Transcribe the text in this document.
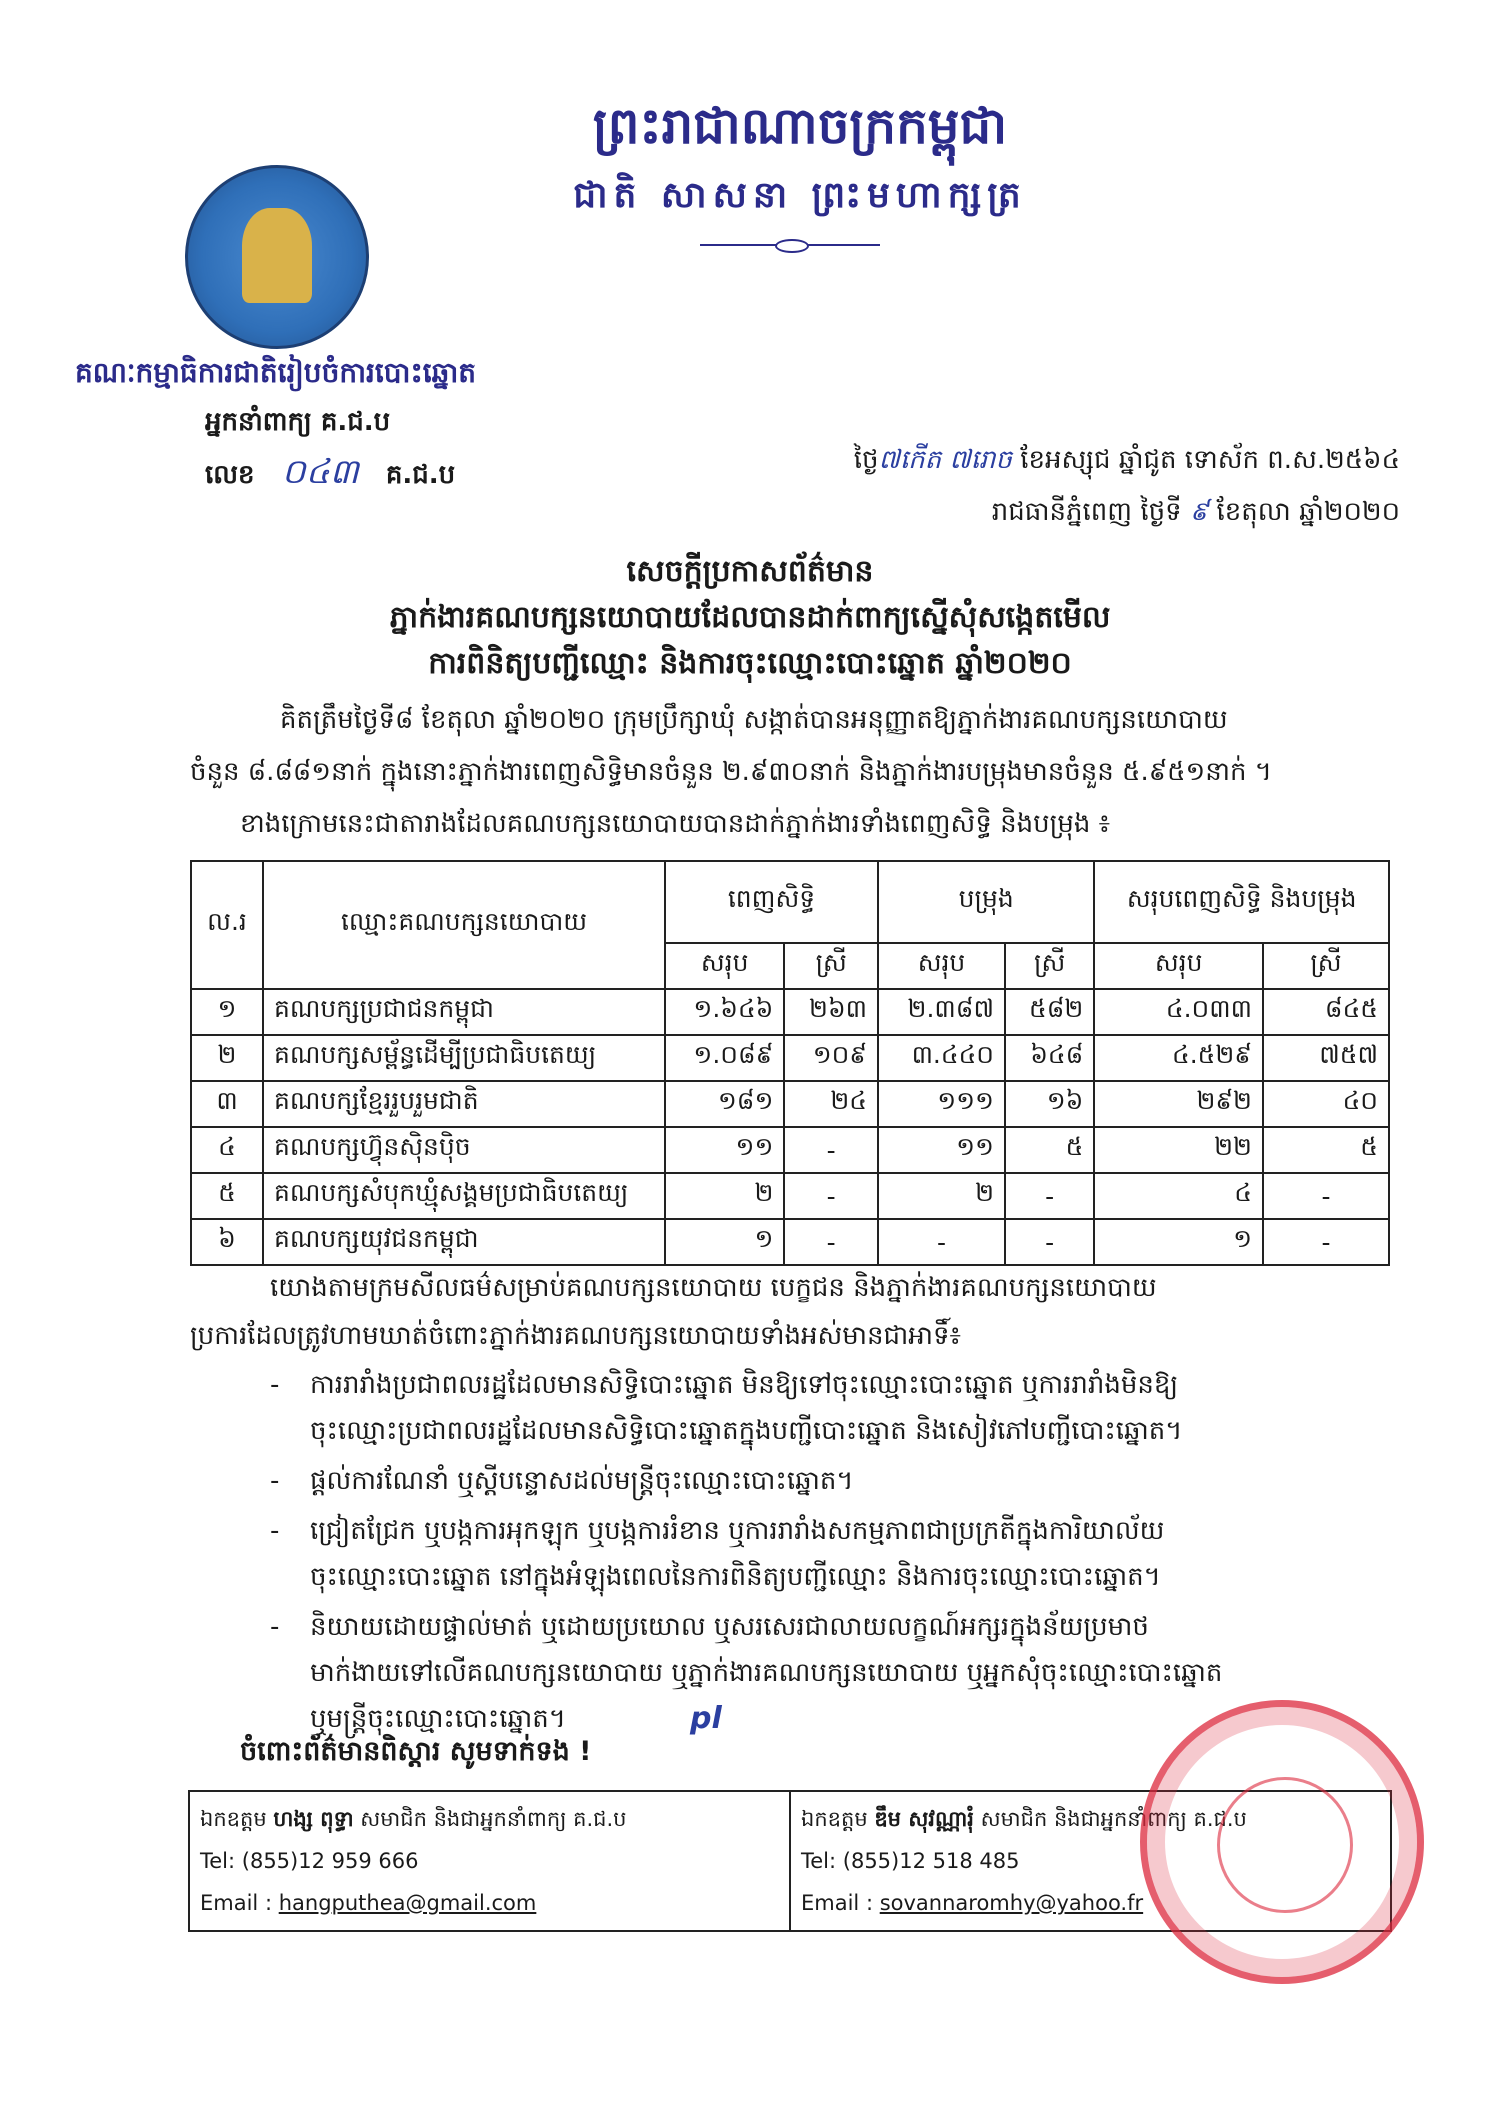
ព្រះរាជាណាចក្រកម្ពុជា
ជាតិ សាសនា ព្រះមហាក្សត្រ
គណៈកម្មាធិការជាតិរៀបចំការបោះឆ្នោត
អ្នកនាំពាក្យ គ.ជ.ប
លេខ ០៤៣ គ.ជ.ប	ថ្ងៃ៧កើត ៧រោច ខែអស្សុជ ឆ្នាំជូត ទោស័ក ព.ស.២៥៦៤
រាជធានីភ្នំពេញ ថ្ងៃទី ៩ ខែតុលា ឆ្នាំ២០២០
សេចក្តីប្រកាសព័ត៌មាន
ភ្នាក់ងារគណបក្សនយោបាយដែលបានដាក់ពាក្យស្នើសុំសង្កេតមើល
ការពិនិត្យបញ្ជីឈ្មោះ និងការចុះឈ្មោះបោះឆ្នោត ឆ្នាំ២០២០
គិតត្រឹមថ្ងៃទី៨ ខែតុលា ឆ្នាំ២០២០ ក្រុមប្រឹក្សាឃុំ សង្កាត់បានអនុញ្ញាតឱ្យភ្នាក់ងារគណបក្សនយោបាយ
ចំនួន ៨.៨៨១នាក់ ក្នុងនោះភ្នាក់ងារពេញសិទ្ធិមានចំនួន ២.៩៣០នាក់ និងភ្នាក់ងារបម្រុងមានចំនួន ៥.៩៥១នាក់ ។
ខាងក្រោមនេះជាតារាងដែលគណបក្សនយោបាយបានដាក់ភ្នាក់ងារទាំងពេញសិទ្ធិ និងបម្រុង ៖
ល.រ	ឈ្មោះគណបក្សនយោបាយ	ពេញសិទ្ធិ		បម្រុង		សរុបពេញសិទ្ធិ និងបម្រុង	
		សរុប	ស្រី	សរុប	ស្រី	សរុប	ស្រី
១	គណបក្សប្រជាជនកម្ពុជា	១.៦៤៦	២៦៣	២.៣៨៧	៥៨២	៤.០៣៣	៨៤៥
២	គណបក្សសម្ព័ន្ធដើម្បីប្រជាធិបតេយ្យ	១.០៨៩	១០៩	៣.៤៤០	៦៤៨	៤.៥២៩	៧៥៧
៣	គណបក្សខ្មែររួបរួមជាតិ	១៨១	២៤	១១១	១៦	២៩២	៤០
៤	គណបក្សហ៊្វុនស៊ិនប៉ិច	១១	-	១១	៥	២២	៥
៥	គណបក្សសំបុកឃ្មុំសង្គមប្រជាធិបតេយ្យ	២	-	២	-	៤	-
៦	គណបក្សយុវជនកម្ពុជា	១	-	-	-	១	-
យោងតាមក្រមសីលធម៌សម្រាប់គណបក្សនយោបាយ បេក្ខជន និងភ្នាក់ងារគណបក្សនយោបាយ
ប្រការដែលត្រូវហាមឃាត់ចំពោះភ្នាក់ងារគណបក្សនយោបាយទាំងអស់មានជាអាទិ៍៖
- ការរារាំងប្រជាពលរដ្ឋដែលមានសិទ្ធិបោះឆ្នោត មិនឱ្យទៅចុះឈ្មោះបោះឆ្នោត ឬការរារាំងមិនឱ្យ
ចុះឈ្មោះប្រជាពលរដ្ឋដែលមានសិទ្ធិបោះឆ្នោតក្នុងបញ្ជីបោះឆ្នោត និងសៀវភៅបញ្ជីបោះឆ្នោត។
- ផ្តល់ការណែនាំ ឬស្តីបន្ទោសដល់មន្ត្រីចុះឈ្មោះបោះឆ្នោត។
- ជ្រៀតជ្រែក ឬបង្កការអុកឡុក ឬបង្កការរំខាន ឬការរារាំងសកម្មភាពជាប្រក្រតីក្នុងការិយាល័យ
ចុះឈ្មោះបោះឆ្នោត នៅក្នុងអំឡុងពេលនៃការពិនិត្យបញ្ជីឈ្មោះ និងការចុះឈ្មោះបោះឆ្នោត។
- និយាយដោយផ្ទាល់មាត់ ឬដោយប្រយោល ឬសរសេរជាលាយលក្ខណ៍អក្សរក្នុងន័យប្រមាថ
មាក់ងាយទៅលើគណបក្សនយោបាយ ឬភ្នាក់ងារគណបក្សនយោបាយ ឬអ្នកសុំចុះឈ្មោះបោះឆ្នោត
ឬមន្ត្រីចុះឈ្មោះបោះឆ្នោត។	pl
ចំពោះព័ត៌មានពិស្តារ សូមទាក់ទង !
ឯកឧត្តម ហង្ស ពុទ្ធា សមាជិក និងជាអ្នកនាំពាក្យ គ.ជ.ប
Tel: (855)12 959 666
Email : hangputhea@gmail.com
ឯកឧត្តម ឌឹម សុវណ្ណារំុ សមាជិក និងជាអ្នកនាំពាក្យ គ.ជ.ប
Tel: (855)12 518 485
Email : sovannaromhy@yahoo.fr
